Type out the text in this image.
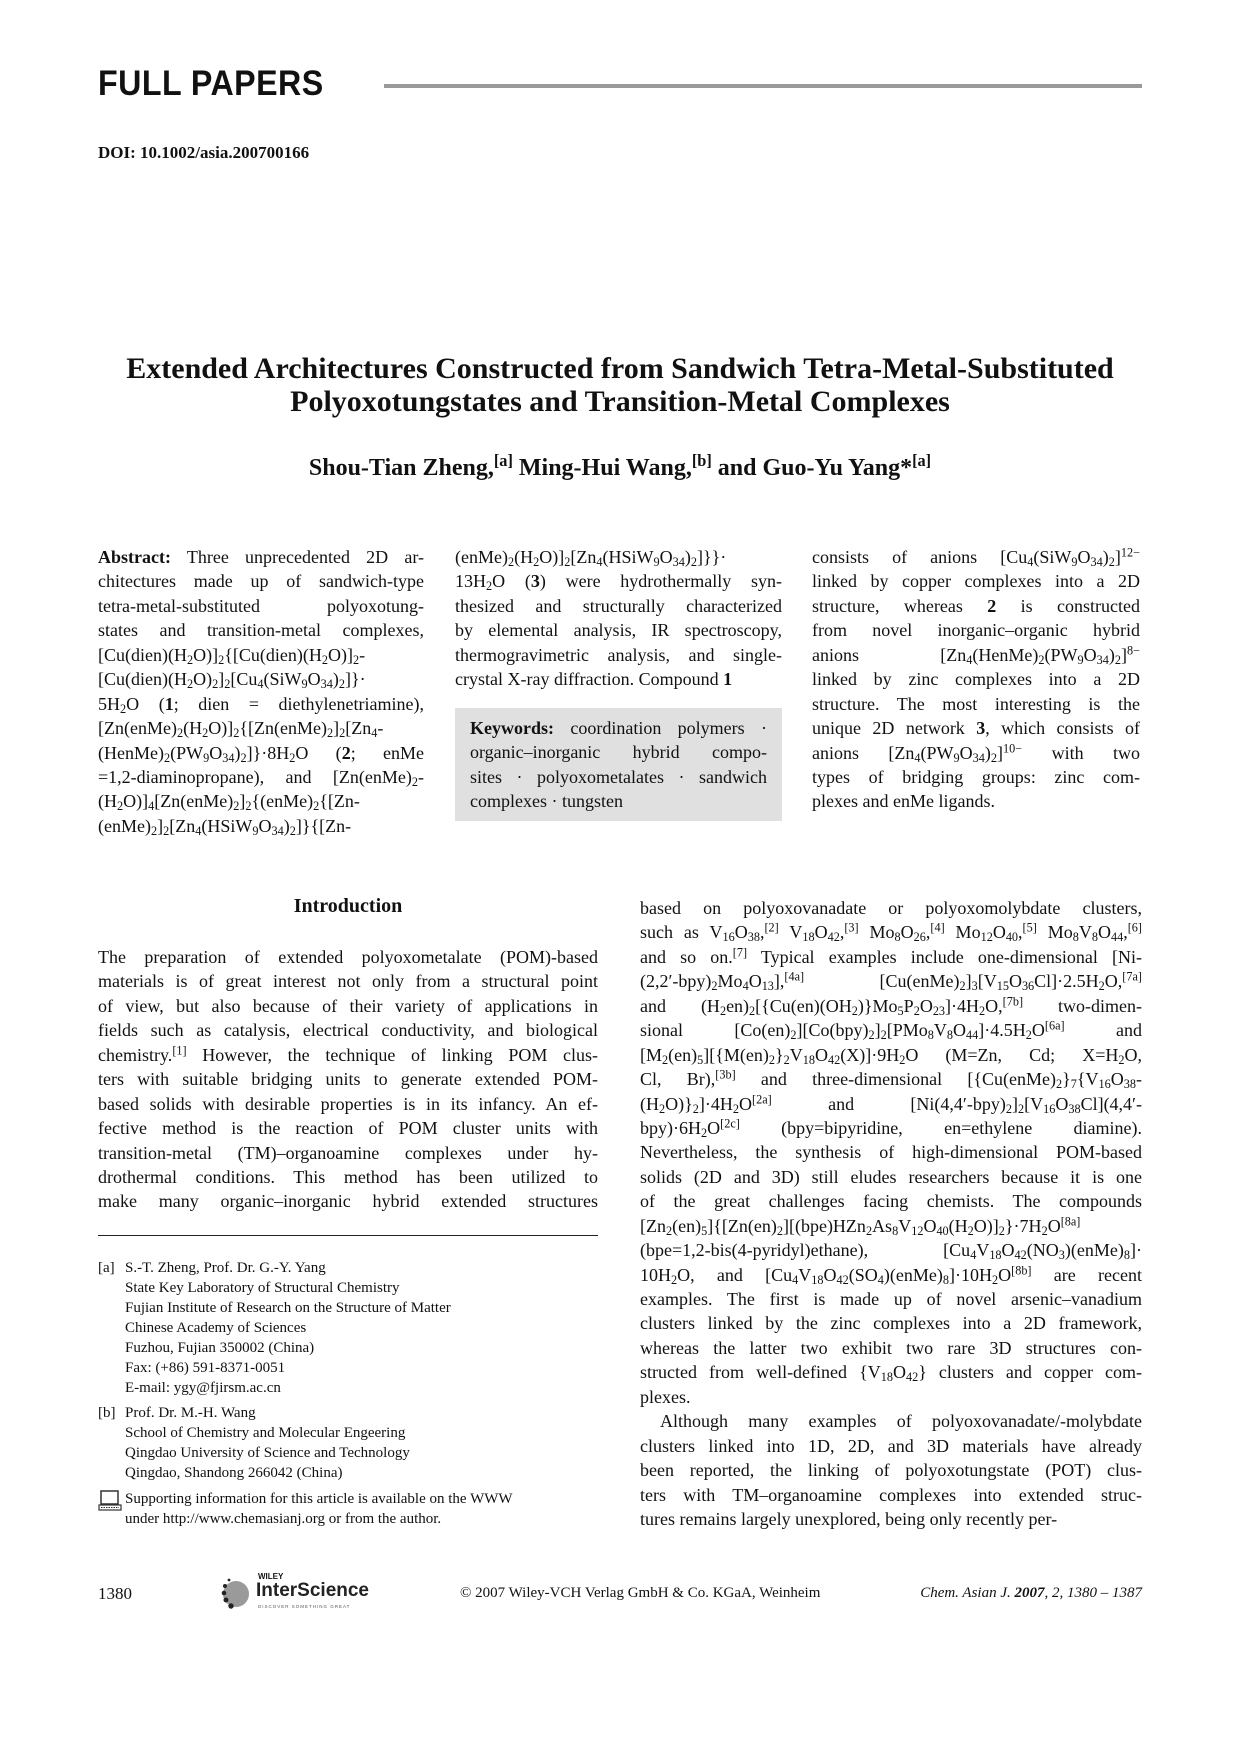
FULL PAPERS
DOI: 10.1002/asia.200700166
Extended Architectures Constructed from Sandwich Tetra-Metal-Substituted
Polyoxotungstates and Transition-Metal Complexes
Shou-Tian Zheng,[a] Ming-Hui Wang,[b] and Guo-Yu Yang*[a]
Abstract: Three unprecedented 2D ar-
chitectures made up of sandwich-type
tetra-metal-substituted polyoxotung-
states and transition-metal complexes,
$[Cu(dien)(H_2O)]_2\{[Cu(dien)(H_2O)]_2-$
$[Cu(dien)(H_2O)_2]_2[Cu_4(SiW_9O_{34})_2]\}\cdot$
$5H_2O$ (1; dien = diethylenetriamine),
$[Zn(enMe)_2(H_2O)]_2\{[Zn(enMe)_2]_2[Zn_4-$
$(HenMe)_2(PW_9O_{34})_2]\}\cdot 8H_2O$ (2; enMe
=1,2-diaminopropane), and [$Zn(enMe)_2-$
$(H_2O)]_4[Zn(enMe)_2]_2\{(enMe)_2\{[Zn-$
$(enMe)_2]_2[Zn_4(HSiW_9O_{34})_2]\}\{[Zn-$
$(enMe)_2(H_2O)]_2[Zn_4(HSiW_9O_{34})_2]\}\}\cdot$
$13H_2O$ (3) were hydrothermally syn-
thesized and structurally characterized
by elemental analysis, IR spectroscopy,
thermogravimetric analysis, and single-
crystal X-ray diffraction. Compound 1
consists of anions $[Cu_4(SiW_9O_{34})_2]^{12-}$
linked by copper complexes into a 2D
structure, whereas 2 is constructed
from novel inorganic–organic hybrid
anions $[Zn_4(HenMe)_2(PW_9O_{34})_2]^{8-}$
linked by zinc complexes into a 2D
structure. The most interesting is the
unique 2D network 3, which consists of
anions $[Zn_4(PW_9O_{34})_2]^{10-}$ with two
types of bridging groups: zinc com-
plexes and enMe ligands.
Keywords: coordination polymers ·
organic–inorganic hybrid compo-
sites · polyoxometalates · sandwich
complexes · tungsten
Introduction
The preparation of extended polyoxometalate (POM)-based
materials is of great interest not only from a structural point
of view, but also because of their variety of applications in
fields such as catalysis, electrical conductivity, and biological
chemistry.[1] However, the technique of linking POM clus-
ters with suitable bridging units to generate extended POM-
based solids with desirable properties is in its infancy. An ef-
fective method is the reaction of POM cluster units with
transition-metal (TM)–organoamine complexes under hy-
drothermal conditions. This method has been utilized to
make many organic–inorganic hybrid extended structures
based on polyoxovanadate or polyoxomolybdate clusters,
such as $V_{16}O_{38},[2]$ $V_{18}O_{42},[3]$ $Mo_8O_{26},[4]$ $Mo_{12}O_{40},[5]$ $Mo_8V_8O_{44},[6]$
and so on.[7] Typical examples include one-dimensional [Ni-
$(2,2'-bpy)_2Mo_4O_{13}],[4a]$ $[Cu(enMe)_2]_3[V_{15}O_{36}Cl]\cdot 2.5H_2O,[7a]$
and $(H_2en)_2[\{Cu(en)(OH_2)\}Mo_5P_2O_{23}]\cdot 4H_2O,[7b]$ two-dimen-
sional $[Co(en)_2][Co(bpy)_2]_2[PMo_8V_8O_{44}]\cdot 4.5H_2O[6a]$ and
$[M_2(en)_5][\{M(en)_2\}_2V_{18}O_{42}(X)]\cdot 9H_2O$ (M=Zn, Cd; $X=H_2O$,
Cl, Br),[3b] and three-dimensional [$\{Cu(enMe)_2\}_7\{V_{16}O_{38}-$
$(H_2O)\}_2]\cdot 4H_2O[2a]$ and $[Ni(4,4'-bpy)_2]_2[V_{16}O_{38}Cl](4,4'-$
$bpy)\cdot 6H_2O[2c]$ (bpy=bipyridine, en=ethylene diamine).
Nevertheless, the synthesis of high-dimensional POM-based
solids (2D and 3D) still eludes researchers because it is one
of the great challenges facing chemists. The compounds
$[Zn_2(en)_5]\{[Zn(en)_2][(bpe)HZn_2As_8V_{12}O_{40}(H_2O)]_2\}\cdot 7H_2O[8a]$
(bpe=1,2-bis(4-pyridyl)ethane), $[Cu_4V_{18}O_{42}(NO_3)(enMe)_8]\cdot$
$10H_2O$, and $[Cu_4V_{18}O_{42}(SO_4)(enMe)_8]\cdot 10H_2O[8b]$ are recent
examples. The first is made up of novel arsenic–vanadium
clusters linked by the zinc complexes into a 2D framework,
whereas the latter two exhibit two rare 3D structures con-
structed from well-defined $\{V_{18}O_{42}\}$ clusters and copper com-
plexes.
Although many examples of polyoxovanadate/-molybdate
clusters linked into 1D, 2D, and 3D materials have already
been reported, the linking of polyoxotungstate (POT) clus-
ters with TM–organoamine complexes into extended struc-
tures remains largely unexplored, being only recently per-
[a] S.-T. Zheng, Prof. Dr. G.-Y. Yang
State Key Laboratory of Structural Chemistry
Fujian Institute of Research on the Structure of Matter
Chinese Academy of Sciences
Fuzhou, Fujian 350002 (China)
Fax: (+86) 591-8371-0051
E-mail: ygy@fjirsm.ac.cn
[b] Prof. Dr. M.-H. Wang
School of Chemistry and Molecular Engeering
Qingdao University of Science and Technology
Qingdao, Shandong 266042 (China)
Supporting information for this article is available on the WWW
under http://www.chemasianj.org or from the author.
1380
WILEY
InterScience
DISCOVER SOMETHING GREAT
© 2007 Wiley-VCH Verlag GmbH & Co. KGaA, Weinheim	Chem. Asian J. 2007, 2, 1380 – 1387
